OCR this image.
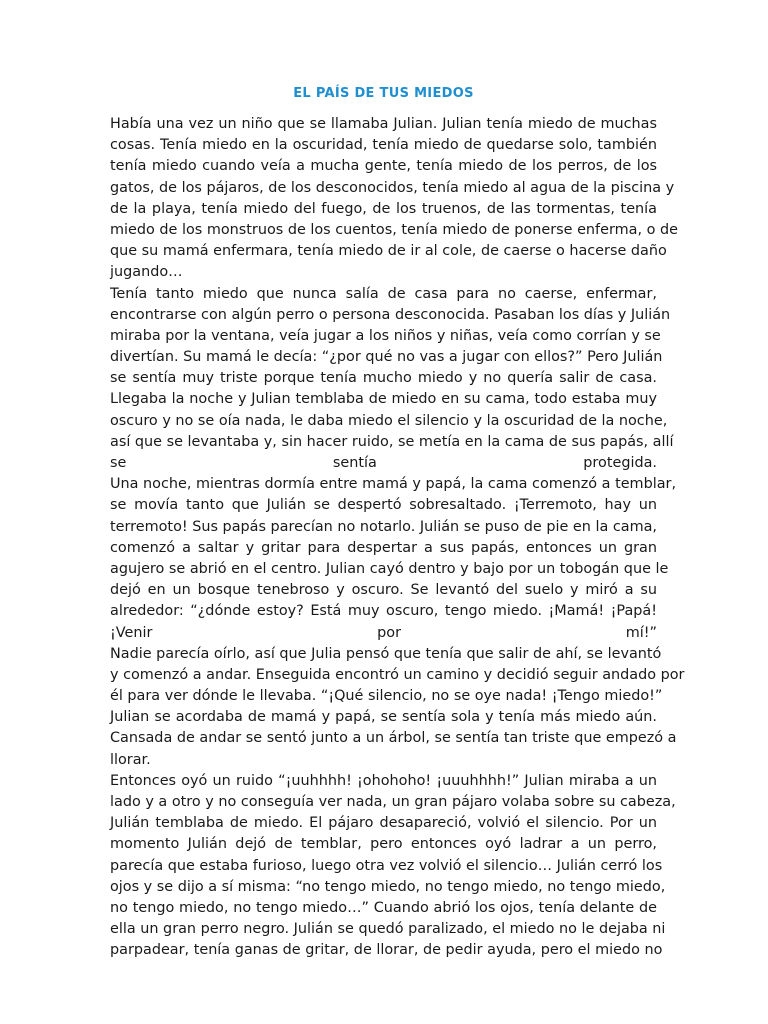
EL PAÍS DE TUS MIEDOS
Había una vez un niño que se llamaba Julian. Julian tenía miedo de muchas
cosas. Tenía miedo en la oscuridad, tenía miedo de quedarse solo, también
tenía miedo cuando veía a mucha gente, tenía miedo de los perros, de los
gatos, de los pájaros, de los desconocidos, tenía miedo al agua de la piscina y
de la playa, tenía miedo del fuego, de los truenos, de las tormentas, tenía
miedo de los monstruos de los cuentos, tenía miedo de ponerse enferma, o de
que su mamá enfermara, tenía miedo de ir al cole, de caerse o hacerse daño
jugando…
Tenía tanto miedo que nunca salía de casa para no caerse, enfermar,
encontrarse con algún perro o persona desconocida. Pasaban los días y Julián
miraba por la ventana, veía jugar a los niños y niñas, veía como corrían y se
divertían. Su mamá le decía: “¿por qué no vas a jugar con ellos?” Pero Julián
se sentía muy triste porque tenía mucho miedo y no quería salir de casa.
Llegaba la noche y Julian temblaba de miedo en su cama, todo estaba muy
oscuro y no se oía nada, le daba miedo el silencio y la oscuridad de la noche,
así que se levantaba y, sin hacer ruido, se metía en la cama de sus papás, allí
se sentía protegida.
Una noche, mientras dormía entre mamá y papá, la cama comenzó a temblar,
se movía tanto que Julián se despertó sobresaltado. ¡Terremoto, hay un
terremoto! Sus papás parecían no notarlo. Julián se puso de pie en la cama,
comenzó a saltar y gritar para despertar a sus papás, entonces un gran
agujero se abrió en el centro. Julian cayó dentro y bajo por un tobogán que le
dejó en un bosque tenebroso y oscuro. Se levantó del suelo y miró a su
alrededor: “¿dónde estoy? Está muy oscuro, tengo miedo. ¡Mamá! ¡Papá!
¡Venir por mí!”
Nadie parecía oírlo, así que Julia pensó que tenía que salir de ahí, se levantó
y comenzó a andar. Enseguida encontró un camino y decidió seguir andado por
él para ver dónde le llevaba. “¡Qué silencio, no se oye nada! ¡Tengo miedo!”
Julian se acordaba de mamá y papá, se sentía sola y tenía más miedo aún.
Cansada de andar se sentó junto a un árbol, se sentía tan triste que empezó a
llorar.
Entonces oyó un ruido “¡uuhhhh! ¡ohohoho! ¡uuuhhhh!” Julian miraba a un
lado y a otro y no conseguía ver nada, un gran pájaro volaba sobre su cabeza,
Julián temblaba de miedo. El pájaro desapareció, volvió el silencio. Por un
momento Julián dejó de temblar, pero entonces oyó ladrar a un perro,
parecía que estaba furioso, luego otra vez volvió el silencio… Julián cerró los
ojos y se dijo a sí misma: “no tengo miedo, no tengo miedo, no tengo miedo,
no tengo miedo, no tengo miedo…” Cuando abrió los ojos, tenía delante de
ella un gran perro negro. Julián se quedó paralizado, el miedo no le dejaba ni
parpadear, tenía ganas de gritar, de llorar, de pedir ayuda, pero el miedo no
